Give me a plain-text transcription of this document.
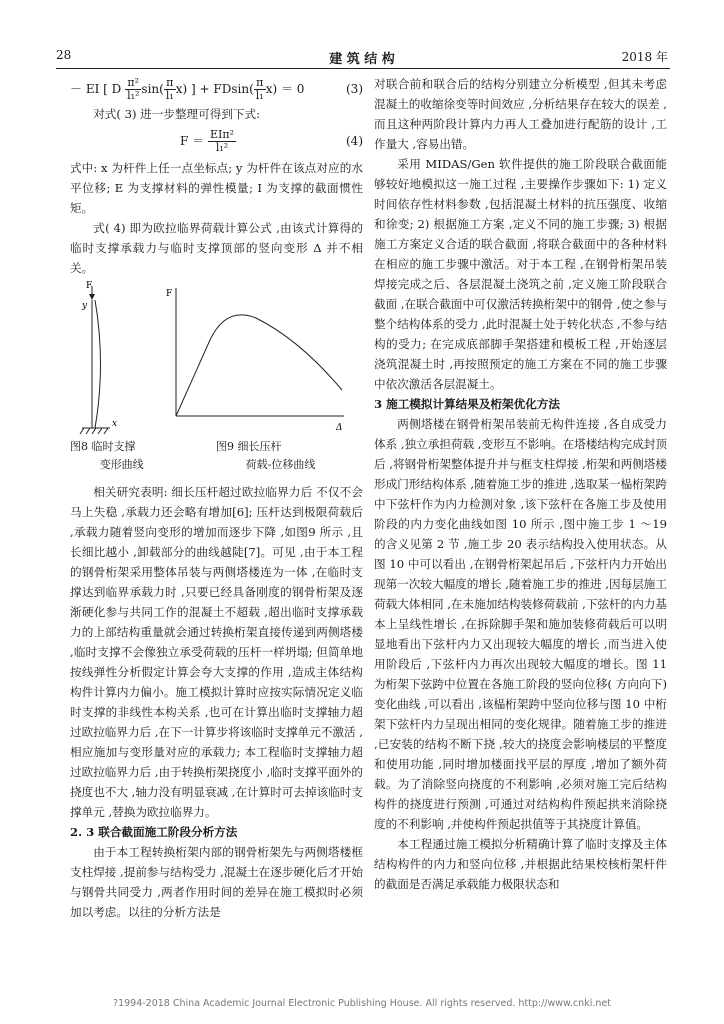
28	建 筑 结 构	2018 年
－ EI [ D $\frac{\text{π²}}{\text{l₁²}} \sin( \frac{\pi}{\text{l₁}} x)$ ] + $FDsin( \frac{\pi}{\text{l₁}} x) = 0$	(3)

对式( 3) 进一步整理可得到下式:

$F = \frac{\text{EIπ²}}{\text{l₁²}}$	(4)

式中: x 为杆件上任一点坐标点; y 为杆件在该点对应的水平位移; E 为支撑材料的弹性模量; I 为支撑的截面惯性矩。

式( 4) 即为欧拉临界荷载计算公式 ,由该式计算得的临时支撑承载力与临时支撑顶部的竖向变形 Δ 并不相关。

F
y
x
F
Δ
图8 临时支撑
变形曲线
图9 细长压杆
荷载-位移曲线

相关研究表明: 细长压杆超过欧拉临界力后 不仅不会马上失稳 ,承载力还会略有增加[6]; 压杆达到极限荷载后 ,承载力随着竖向变形的增加而逐步下降 ,如图9 所示 ,且长细比越小 ,卸载部分的曲线越陡[7]。可见 ,由于本工程的钢骨桁架采用整体吊装与两侧塔楼连为一体 ,在临时支撑达到临界承载力时 ,只要已经具备刚度的钢骨桁架及逐渐硬化参与共同工作的混凝土不超载 ,超出临时支撑承载力的上部结构重量就会通过转换桁架直接传递到两侧塔楼 ,临时支撑不会像独立承受荷载的压杆一样坍塌; 但简单地按线弹性分析假定计算会夸大支撑的作用 ,造成主体结构构件计算内力偏小。施工模拟计算时应按实际情况定义临时支撑的非线性本构关系 ,也可在计算出临时支撑轴力超过欧拉临界力后 ,在下一计算步将该临时支撑单元不激活 ,相应施加与变形量对应的承载力; 本工程临时支撑轴力超过欧拉临界力后 ,由于转换桁架挠度小 ,临时支撑平面外的挠度也不大 ,轴力没有明显衰减 ,在计算时可去掉该临时支撑单元 ,替换为欧拉临界力。

2. 3 联合截面施工阶段分析方法

由于本工程转换桁架内部的钢骨桁架先与两侧塔楼框支柱焊接 ,提前参与结构受力 ,混凝土在逐步硬化后才开始与钢骨共同受力 ,两者作用时间的差异在施工模拟时必须加以考虑。以往的分析方法是

对联合前和联合后的结构分别建立分析模型 ,但其未考虑混凝土的收缩徐变等时间效应 ,分析结果存在较大的误差 ,而且这种两阶段计算内力再人工叠加进行配筋的设计 ,工作量大 ,容易出错。

采用 MIDAS/Gen 软件提供的施工阶段联合截面能够较好地模拟这一施工过程 ,主要操作步骤如下: 1) 定义时间依存性材料参数 ,包括混凝土材料的抗压强度、收缩和徐变; 2) 根据施工方案 ,定义不同的施工步骤; 3) 根据施工方案定义合适的联合截面 ,将联合截面中的各种材料在相应的施工步骤中激活。对于本工程 ,在钢骨桁架吊装焊接完成之后、各层混凝土浇筑之前 ,定义施工阶段联合截面 ,在联合截面中可仅激活转换桁架中的钢骨 ,使之参与整个结构体系的受力 ,此时混凝土处于转化状态 ,不参与结构的受力; 在完成底部脚手架搭建和模板工程 ,开始逐层浇筑混凝土时 ,再按照预定的施工方案在不同的施工步骤中依次激活各层混凝土。

3 施工模拟计算结果及桁架优化方法

两侧塔楼在钢骨桁架吊装前无构件连接 ,各自成受力体系 ,独立承担荷载 ,变形互不影响。在塔楼结构完成封顶后 ,将钢骨桁架整体提升并与框支柱焊接 ,桁架和两侧塔楼形成门形结构体系 ,随着施工步的推进 ,选取某一榀桁架跨中下弦杆作为内力检测对象 ,该下弦杆在各施工步及使用阶段的内力变化曲线如图 10 所示 ,图中施工步 1 ～19 的含义见第 2 节 ,施工步 20 表示结构投入使用状态。从图 10 中可以看出 ,在钢骨桁架起吊后 ,下弦杆内力开始出现第一次较大幅度的增长 ,随着施工步的推进 ,因每层施工荷载大体相同 ,在未施加结构装修荷载前 ,下弦杆的内力基本上呈线性增长 ,在拆除脚手架和施加装修荷载后可以明显地看出下弦杆内力又出现较大幅度的增长 ,而当进入使用阶段后 ,下弦杆内力再次出现较大幅度的增长。图 11 为桁架下弦跨中位置在各施工阶段的竖向位移( 方向向下) 变化曲线 ,可以看出 ,该榀桁架跨中竖向位移与图 10 中桁架下弦杆内力呈现出相同的变化规律。随着施工步的推进 ,已安装的结构不断下挠 ,较大的挠度会影响楼层的平整度和使用功能 ,同时增加楼面找平层的厚度 ,增加了额外荷载。为了消除竖向挠度的不利影响 ,必须对施工完后结构构件的挠度进行预测 ,可通过对结构构件预起拱来消除挠度的不利影响 ,并使构件预起拱值等于其挠度计算值。

本工程通过施工模拟分析精确计算了临时支撑及主体结构构件的内力和竖向位移 ,并根据此结果校核桁架杆件的截面是否满足承载能力极限状态和

?1994-2018 China Academic Journal Electronic Publishing House. All rights reserved. http://www.cnki.net
